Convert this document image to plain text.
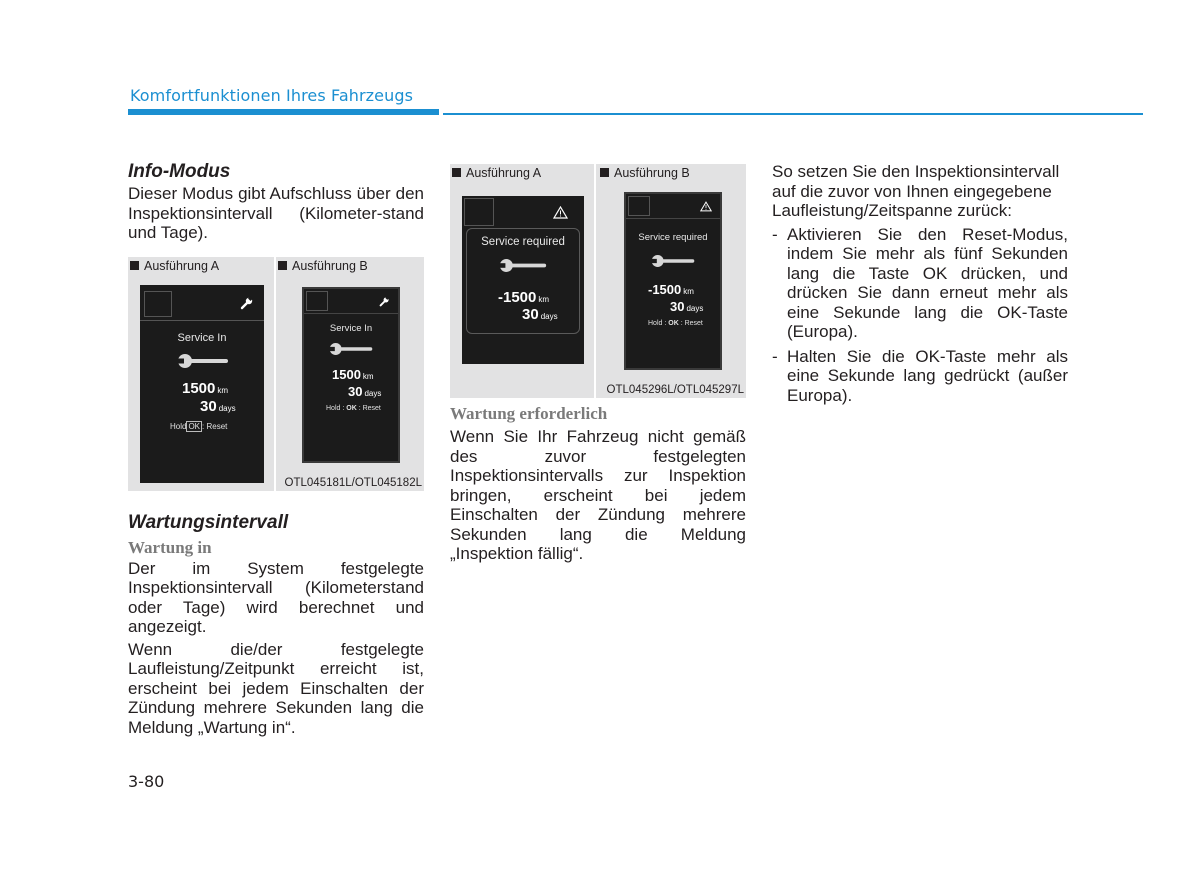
Komfortfunktionen Ihres Fahrzeugs
Info-Modus

Dieser Modus gibt Aufschluss über den Inspektionsintervall (Kilometer-stand und Tage).

Ausführung A	Ausführung B
Service In
1500 km
30 days
Hold OK : Reset
Service In
1500 km
30 days
Hold : OK : Reset
OTL045181L/OTL045182L
Wartungsintervall
Wartung in

Der im System festgelegte Inspektionsintervall (Kilometerstand oder Tage) wird berechnet und angezeigt.

Wenn die/der festgelegte Laufleistung/Zeitpunkt erreicht ist, erscheint bei jedem Einschalten der Zündung mehrere Sekunden lang die Meldung „Wartung in“.

Ausführung A	Ausführung B
Service required
-1500 km
30 days
Service required
-1500 km
30 days
Hold : OK : Reset
OTL045296L/OTL045297L
Wartung erforderlich

Wenn Sie Ihr Fahrzeug nicht gemäß des zuvor festgelegten Inspektionsintervalls zur Inspektion bringen, erscheint bei jedem Einschalten der Zündung mehrere Sekunden lang die Meldung „Inspektion fällig“.

So setzen Sie den Inspektionsintervall auf die zuvor von Ihnen eingegebene Laufleistung/Zeitspanne zurück:

- Aktivieren Sie den Reset-Modus, indem Sie mehr als fünf Sekunden lang die Taste OK drücken, und drücken Sie dann erneut mehr als eine Sekunde lang die OK-Taste (Europa).
- Halten Sie die OK-Taste mehr als eine Sekunde lang gedrückt (außer Europa).
3-80
